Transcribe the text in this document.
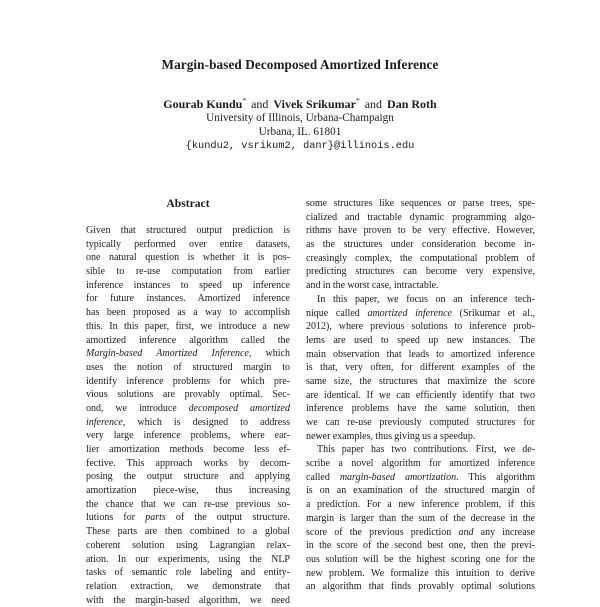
Margin-based Decomposed Amortized Inference
Gourab Kundu* and Vivek Srikumar* and Dan Roth
University of Illinois, Urbana-Champaign
Urbana, IL. 61801
{kundu2, vsrikum2, danr}@illinois.edu
Abstract
Given that structured output prediction is
typically performed over entire datasets,
one natural question is whether it is pos-
sible to re-use computation from earlier
inference instances to speed up inference
for future instances. Amortized inference
has been proposed as a way to accomplish
this. In this paper, first, we introduce a new
amortized inference algorithm called the
Margin-based Amortized Inference, which
uses the notion of structured margin to
identify inference problems for which pre-
vious solutions are provably optimal. Sec-
ond, we introduce decomposed amortized
inference, which is designed to address
very large inference problems, where ear-
lier amortization methods become less ef-
fective. This approach works by decom-
posing the output structure and applying
amortization piece-wise, thus increasing
the chance that we can re-use previous so-
lutions for parts of the output structure.
These parts are then combined to a global
coherent solution using Lagrangian relax-
ation. In our experiments, using the NLP
tasks of semantic role labeling and entity-
relation extraction, we demonstrate that
with the margin-based algorithm, we need
some structures like sequences or parse trees, spe-
cialized and tractable dynamic programming algo-
rithms have proven to be very effective. However,
as the structures under consideration become in-
creasingly complex, the computational problem of
predicting structures can become very expensive,
and in the worst case, intractable.
In this paper, we focus on an inference tech-
nique called amortized inference (Srikumar et al.,
2012), where previous solutions to inference prob-
lems are used to speed up new instances. The
main observation that leads to amortized inference
is that, very often, for different examples of the
same size, the structures that maximize the score
are identical. If we can efficiently identify that two
inference problems have the same solution, then
we can re-use previously computed structures for
newer examples, thus giving us a speedup.
This paper has two contributions. First, we de-
scribe a novel algorithm for amortized inference
called margin-based amortization. This algorithm
is on an examination of the structured margin of
a prediction. For a new inference problem, if this
margin is larger than the sum of the decrease in the
score of the previous prediction and any increase
in the score of the second best one, then the previ-
ous solution will be the highest scoring one for the
new problem. We formalize this intuition to derive
an algorithm that finds provably optimal solutions
